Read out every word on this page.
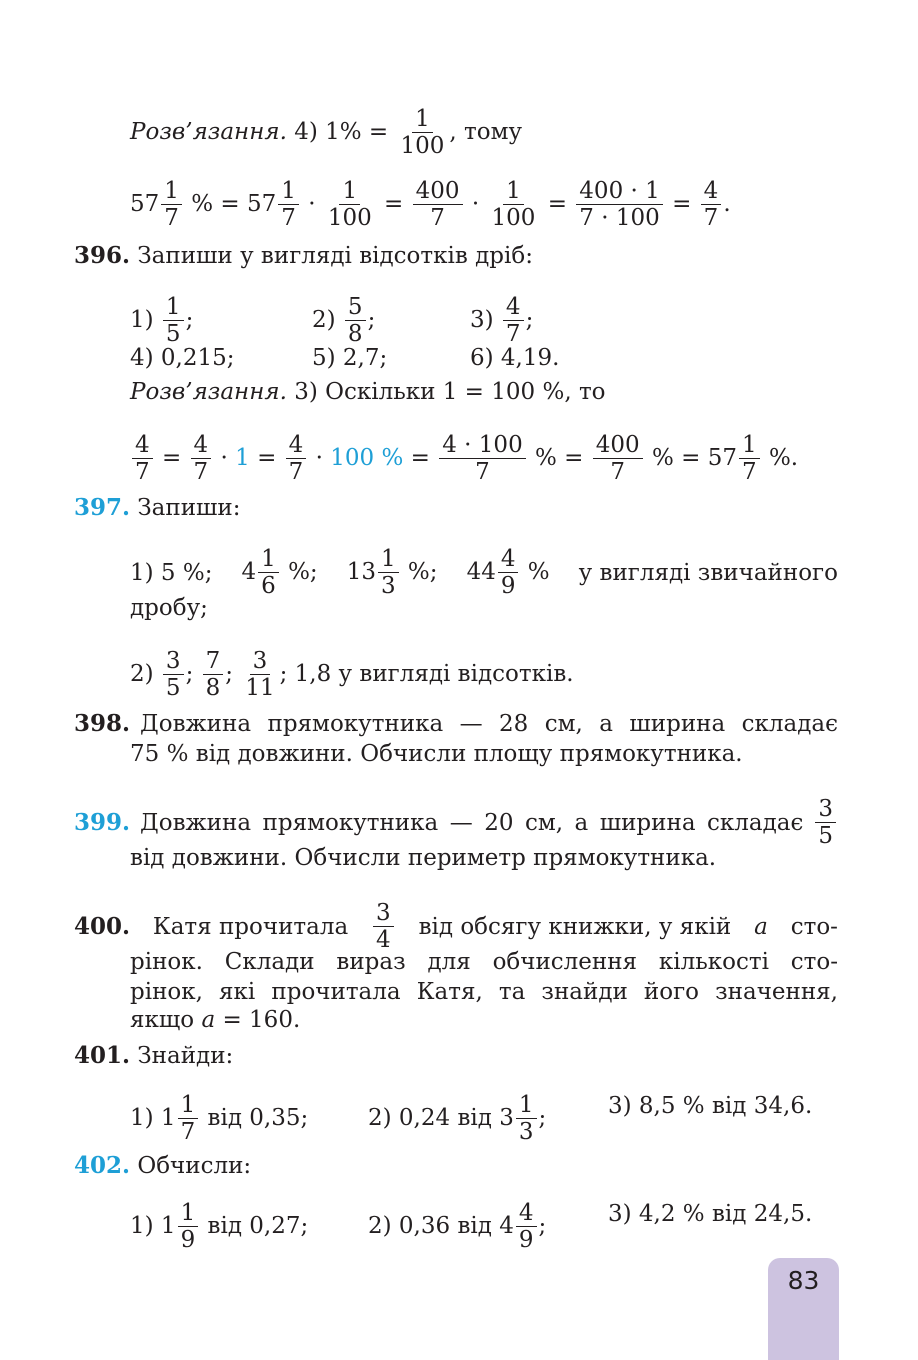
Розв’язання. 4) $1\% = \frac{1}{100}$ , тому
$57 \frac{1}{7}$ % = $57 \frac{1}{7} \cdot \frac{1}{100} = \frac{400}{7} \cdot \frac{1}{100} = \frac{400 \cdot 1}{7 \cdot 100} = \frac{4}{7}$ .
396. Запиши у вигляді відсотків дріб:
$1) \frac{1}{5}$ ;	$2) \frac{5}{8}$ ;	$3) \frac{4}{7}$ ;
4) 0,215;	5) 2,7;	6) 4,19.
Розв’язання. 3) Оскільки 1 = 100 %, то
$\frac{4}{7} = \frac{4}{7} \cdot 1 = \frac{4}{7} \cdot 100$ % = $\frac{4 \cdot 100}{7}$ % = $\frac{400}{7}$ % = $57 \frac{1}{7}$ %.
397. Запиши:
1) 5 %; $4 \frac{1}{6}$ %; $13 \frac{1}{3}$ %; $44 \frac{4}{9}$ % у вигляді звичайного
дробу;
$2) \frac{3}{5}$ ; $\frac{7}{8}$ ; $\frac{3}{11}$ ; 1,8 у вигляді відсотків.
398. Довжина прямокутника — 28 см, а ширина складає
75 % від довжини. Обчисли площу прямокутника.
399. Довжина прямокутника — 20 см, а ширина складає $\frac{3}{5}$
від довжини. Обчисли периметр прямокутника.
400. Катя прочитала $\frac{3}{4}$ від обсягу книжки, у якій a сто-
рінок. Склади вираз для обчислення кількості сто-
рінок, які прочитала Катя, та знайди його значення,
якщо a = 160.
401. Знайди:
1) $1 \frac{1}{7}$ від 0,35;	2) 0,24 від $3 \frac{1}{3}$ ;	3) 8,5 % від 34,6.
402. Обчисли:
1) $1 \frac{1}{9}$ від 0,27;	2) 0,36 від $4 \frac{4}{9}$ ;	3) 4,2 % від 24,5.
83
